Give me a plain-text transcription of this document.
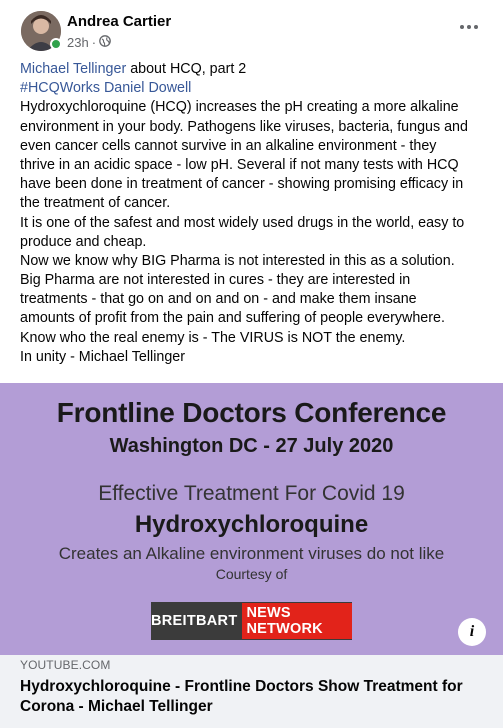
Andrea Cartier
23h ·
Michael Tellinger about HCQ, part 2
#HCQWorks Daniel Dowell
Hydroxychloroquine (HCQ) increases the pH creating a more alkaline
environment in your body. Pathogens like viruses, bacteria, fungus and
even cancer cells cannot survive in an alkaline environment - they
thrive in an acidic space - low pH. Several if not many tests with HCQ
have been done in treatment of cancer - showing promising efficacy in
the treatment of cancer.
It is one of the safest and most widely used drugs in the world, easy to
produce and cheap.
Now we know why BIG Pharma is not interested in this as a solution.
Big Pharma are not interested in cures - they are interested in
treatments - that go on and on and on - and make them insane
amounts of profit from the pain and suffering of people everywhere.
Know who the real enemy is - The VIRUS is NOT the enemy.
In unity - Michael Tellinger
Frontline Doctors Conference
Washington DC - 27 July 2020
Effective Treatment For Covid 19
Hydroxychloroquine
Creates an Alkaline environment viruses do not like
Courtesy of
BREITBART NEWS NETWORK	i
YOUTUBE.COM
Hydroxychloroquine - Frontline Doctors Show Treatment for Corona - Michael Tellinger
